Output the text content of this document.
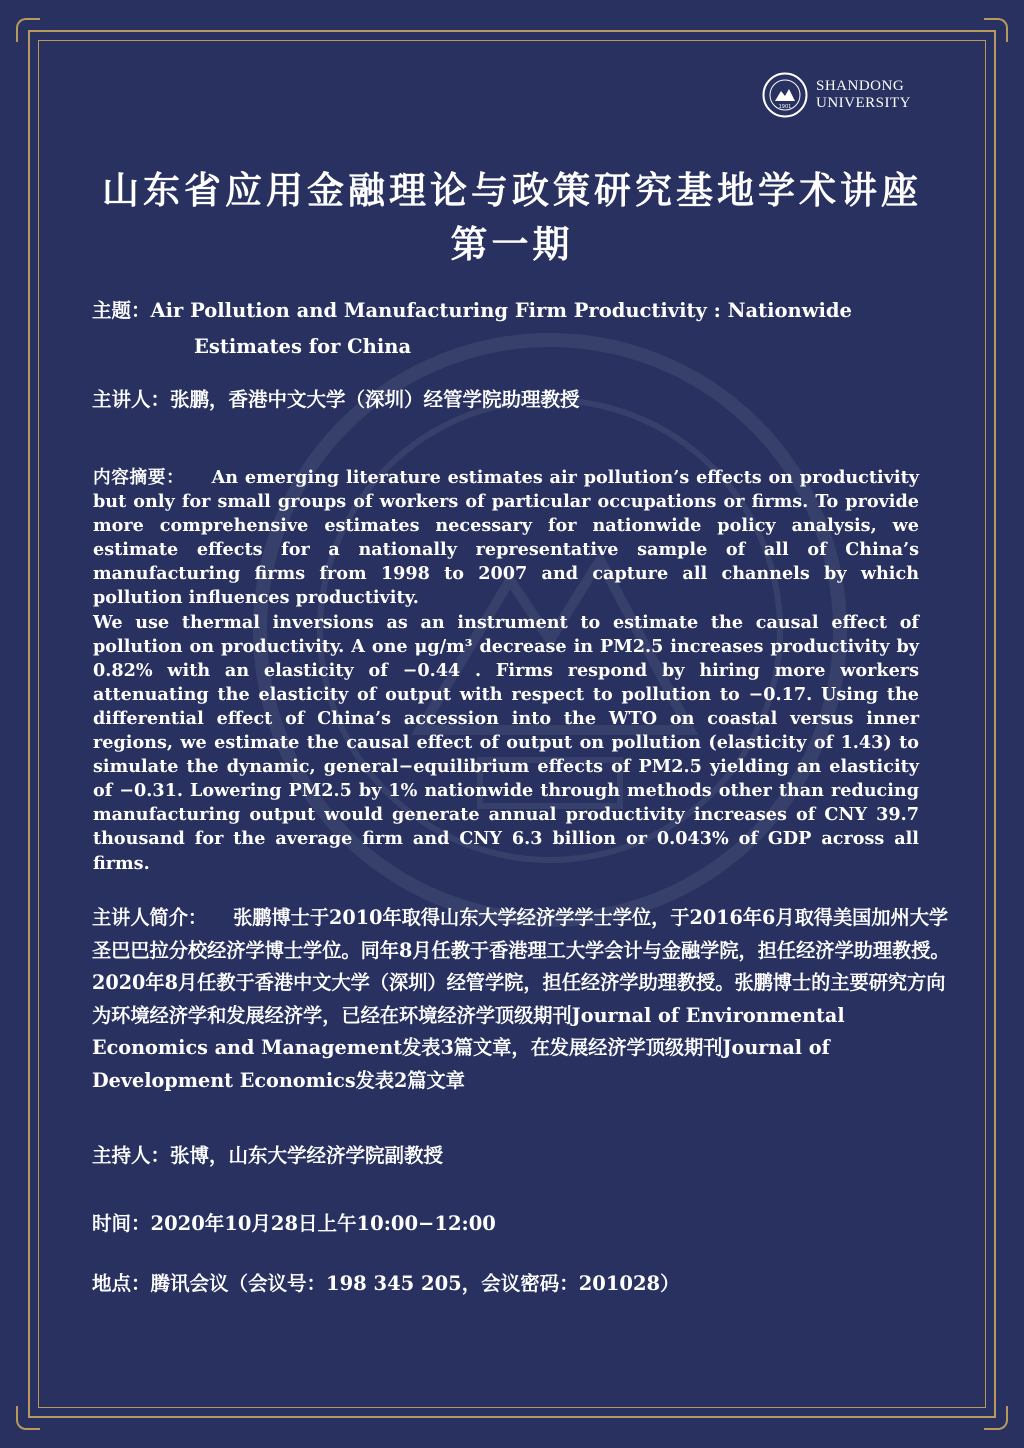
1901
SHANDONG
UNIVERSITY
山东省应用金融理论与政策研究基地学术讲座
第一期
主题：Air Pollution and Manufacturing Firm Productivity : Nationwide
Estimates for China
主讲人：张鹏，香港中文大学（深圳）经管学院助理教授

内容摘要： An emerging literature estimates air pollution’s effects on productivity but only for small groups of workers of particular occupations or firms. To provide more comprehensive estimates necessary for nationwide policy analysis, we estimate effects for a nationally representative sample of all of China’s manufacturing firms from 1998 to 2007 and capture all channels by which pollution influences productivity.

We use thermal inversions as an instrument to estimate the causal effect of pollution on productivity. A one μg/m³ decrease in PM2.5 increases productivity by 0.82% with an elasticity of −0.44 . Firms respond by hiring more workers attenuating the elasticity of output with respect to pollution to −0.17. Using the differential effect of China’s accession into the WTO on coastal versus inner regions, we estimate the causal effect of output on pollution (elasticity of 1.43) to simulate the dynamic, general−equilibrium effects of PM2.5 yielding an elasticity of −0.31. Lowering PM2.5 by 1% nationwide through methods other than reducing manufacturing output would generate annual productivity increases of CNY 39.7 thousand for the average firm and CNY 6.3 billion or 0.043% of GDP across all firms.

主讲人简介： 张鹏博士于2010年取得山东大学经济学学士学位，于2016年6月取得美国加州大学圣巴巴拉分校经济学博士学位。同年8月任教于香港理工大学会计与金融学院，担任经济学助理教授。2020年8月任教于香港中文大学（深圳）经管学院，担任经济学助理教授。张鹏博士的主要研究方向为环境经济学和发展经济学，已经在环境经济学顶级期刊Journal of Environmental Economics and Management发表3篇文章，在发展经济学顶级期刊Journal of Development Economics发表2篇文章
主持人：张博，山东大学经济学院副教授
时间：2020年10月28日上午10:00−12:00
地点：腾讯会议（会议号：198 345 205，会议密码：201028）
